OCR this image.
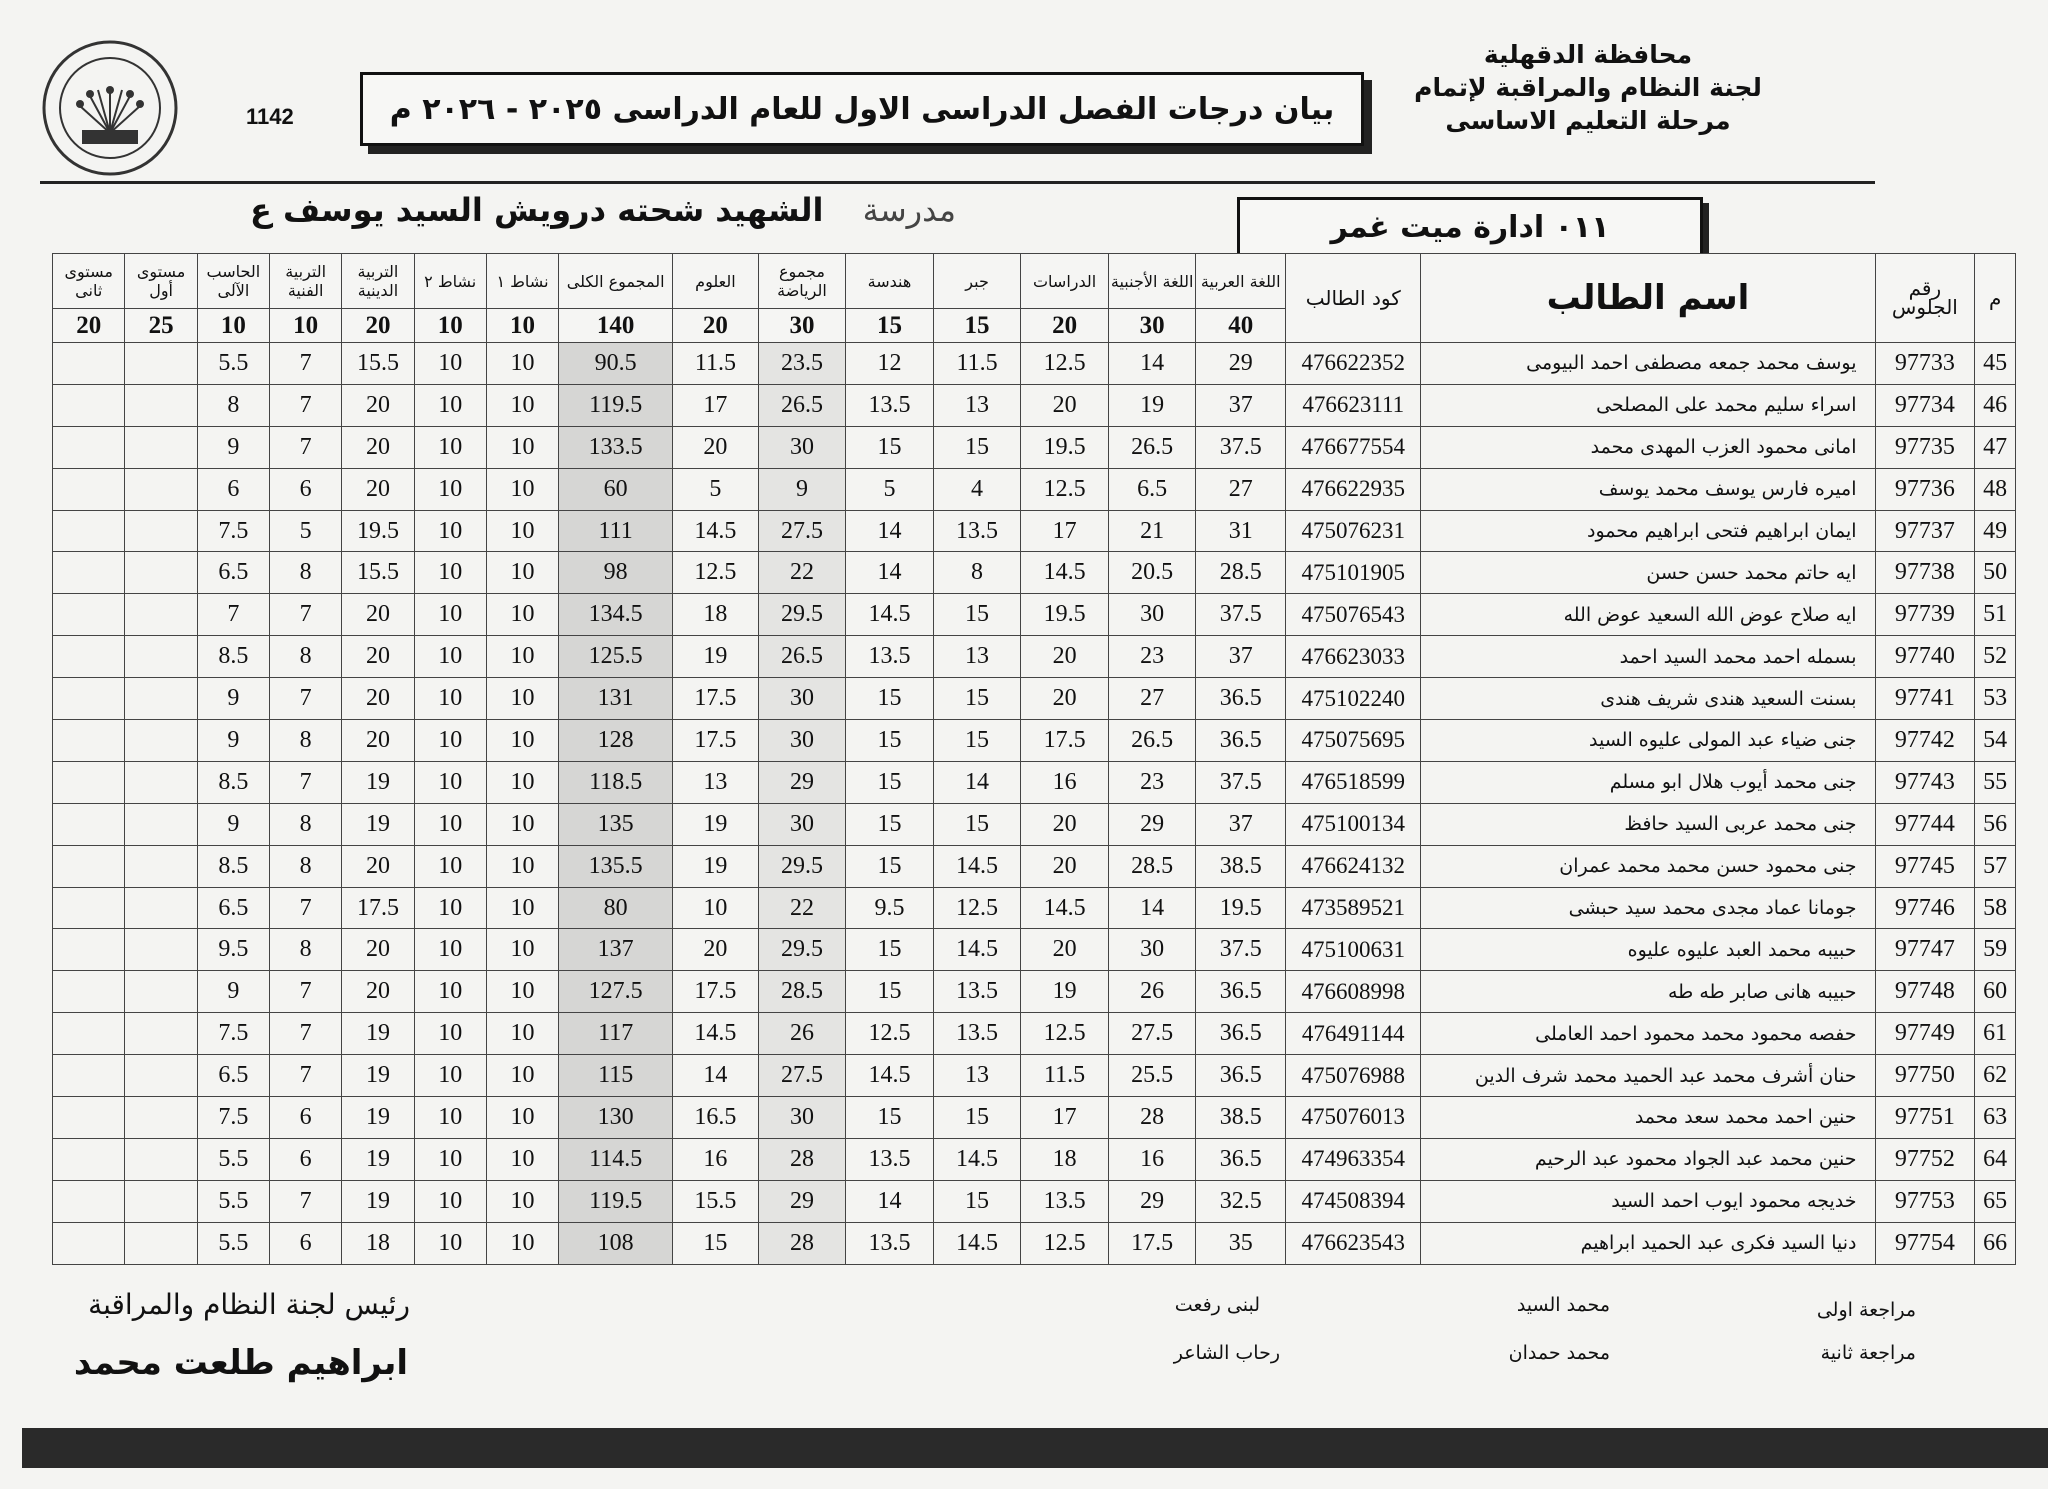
1142	بيان درجات الفصل الدراسى الاول للعام الدراسى ٢٠٢٥ - ٢٠٢٦ م
محافظة الدقهلية
لجنة النظام والمراقبة لإتمام
مرحلة التعليم الاساسى
مدرسة الشهيد شحته درويش السيد يوسف ع	٠١١ ادارة ميت غمر
م	رقم الجلوس	اسم الطالب	كود الطالب	اللغة العربية	اللغة الأجنبية	الدراسات	جبر	هندسة	مجموع الرياضة	العلوم	المجموع الكلى	نشاط ١	نشاط ٢	التربية الدينية	التربية الفنية	الحاسب الآلى	مستوى أول	مستوى ثانى
				40	30	20	15	15	30	20	140	10	10	20	10	10	25	20
45	97733	يوسف محمد جمعه مصطفى احمد البيومى	476622352	29	14	12.5	11.5	12	23.5	11.5	90.5	10	10	15.5	7	5.5		
46	97734	اسراء سليم محمد على المصلحى	476623111	37	19	20	13	13.5	26.5	17	119.5	10	10	20	7	8		
47	97735	امانى محمود العزب المهدى محمد	476677554	37.5	26.5	19.5	15	15	30	20	133.5	10	10	20	7	9		
48	97736	اميره فارس يوسف محمد يوسف	476622935	27	6.5	12.5	4	5	9	5	60	10	10	20	6	6		
49	97737	ايمان ابراهيم فتحى ابراهيم محمود	475076231	31	21	17	13.5	14	27.5	14.5	111	10	10	19.5	5	7.5		
50	97738	ايه حاتم محمد حسن حسن	475101905	28.5	20.5	14.5	8	14	22	12.5	98	10	10	15.5	8	6.5		
51	97739	ايه صلاح عوض الله السعيد عوض الله	475076543	37.5	30	19.5	15	14.5	29.5	18	134.5	10	10	20	7	7		
52	97740	بسمله احمد محمد السيد احمد	476623033	37	23	20	13	13.5	26.5	19	125.5	10	10	20	8	8.5		
53	97741	بسنت السعيد هندى شريف هندى	475102240	36.5	27	20	15	15	30	17.5	131	10	10	20	7	9		
54	97742	جنى ضياء عبد المولى عليوه السيد	475075695	36.5	26.5	17.5	15	15	30	17.5	128	10	10	20	8	9		
55	97743	جنى محمد أيوب هلال ابو مسلم	476518599	37.5	23	16	14	15	29	13	118.5	10	10	19	7	8.5		
56	97744	جنى محمد عربى السيد حافظ	475100134	37	29	20	15	15	30	19	135	10	10	19	8	9		
57	97745	جنى محمود حسن محمد محمد عمران	476624132	38.5	28.5	20	14.5	15	29.5	19	135.5	10	10	20	8	8.5		
58	97746	جومانا عماد مجدى محمد سيد حبشى	473589521	19.5	14	14.5	12.5	9.5	22	10	80	10	10	17.5	7	6.5		
59	97747	حبيبه محمد العبد عليوه عليوه	475100631	37.5	30	20	14.5	15	29.5	20	137	10	10	20	8	9.5		
60	97748	حبيبه هانى صابر طه طه	476608998	36.5	26	19	13.5	15	28.5	17.5	127.5	10	10	20	7	9		
61	97749	حفصه محمود محمد محمود احمد العاملى	476491144	36.5	27.5	12.5	13.5	12.5	26	14.5	117	10	10	19	7	7.5		
62	97750	حنان أشرف محمد عبد الحميد محمد شرف الدين	475076988	36.5	25.5	11.5	13	14.5	27.5	14	115	10	10	19	7	6.5		
63	97751	حنين احمد محمد سعد محمد	475076013	38.5	28	17	15	15	30	16.5	130	10	10	19	6	7.5		
64	97752	حنين محمد عبد الجواد محمود عبد الرحيم	474963354	36.5	16	18	14.5	13.5	28	16	114.5	10	10	19	6	5.5		
65	97753	خديجه محمود ايوب احمد السيد	474508394	32.5	29	13.5	15	14	29	15.5	119.5	10	10	19	7	5.5		
66	97754	دنيا السيد فكرى عبد الحميد ابراهيم	476623543	35	17.5	12.5	14.5	13.5	28	15	108	10	10	18	6	5.5		
مراجعة اولى
محمد السيد
لبنى رفعت
مراجعة ثانية
محمد حمدان
رحاب الشاعر
رئيس لجنة النظام والمراقبة
ابراهيم طلعت محمد
